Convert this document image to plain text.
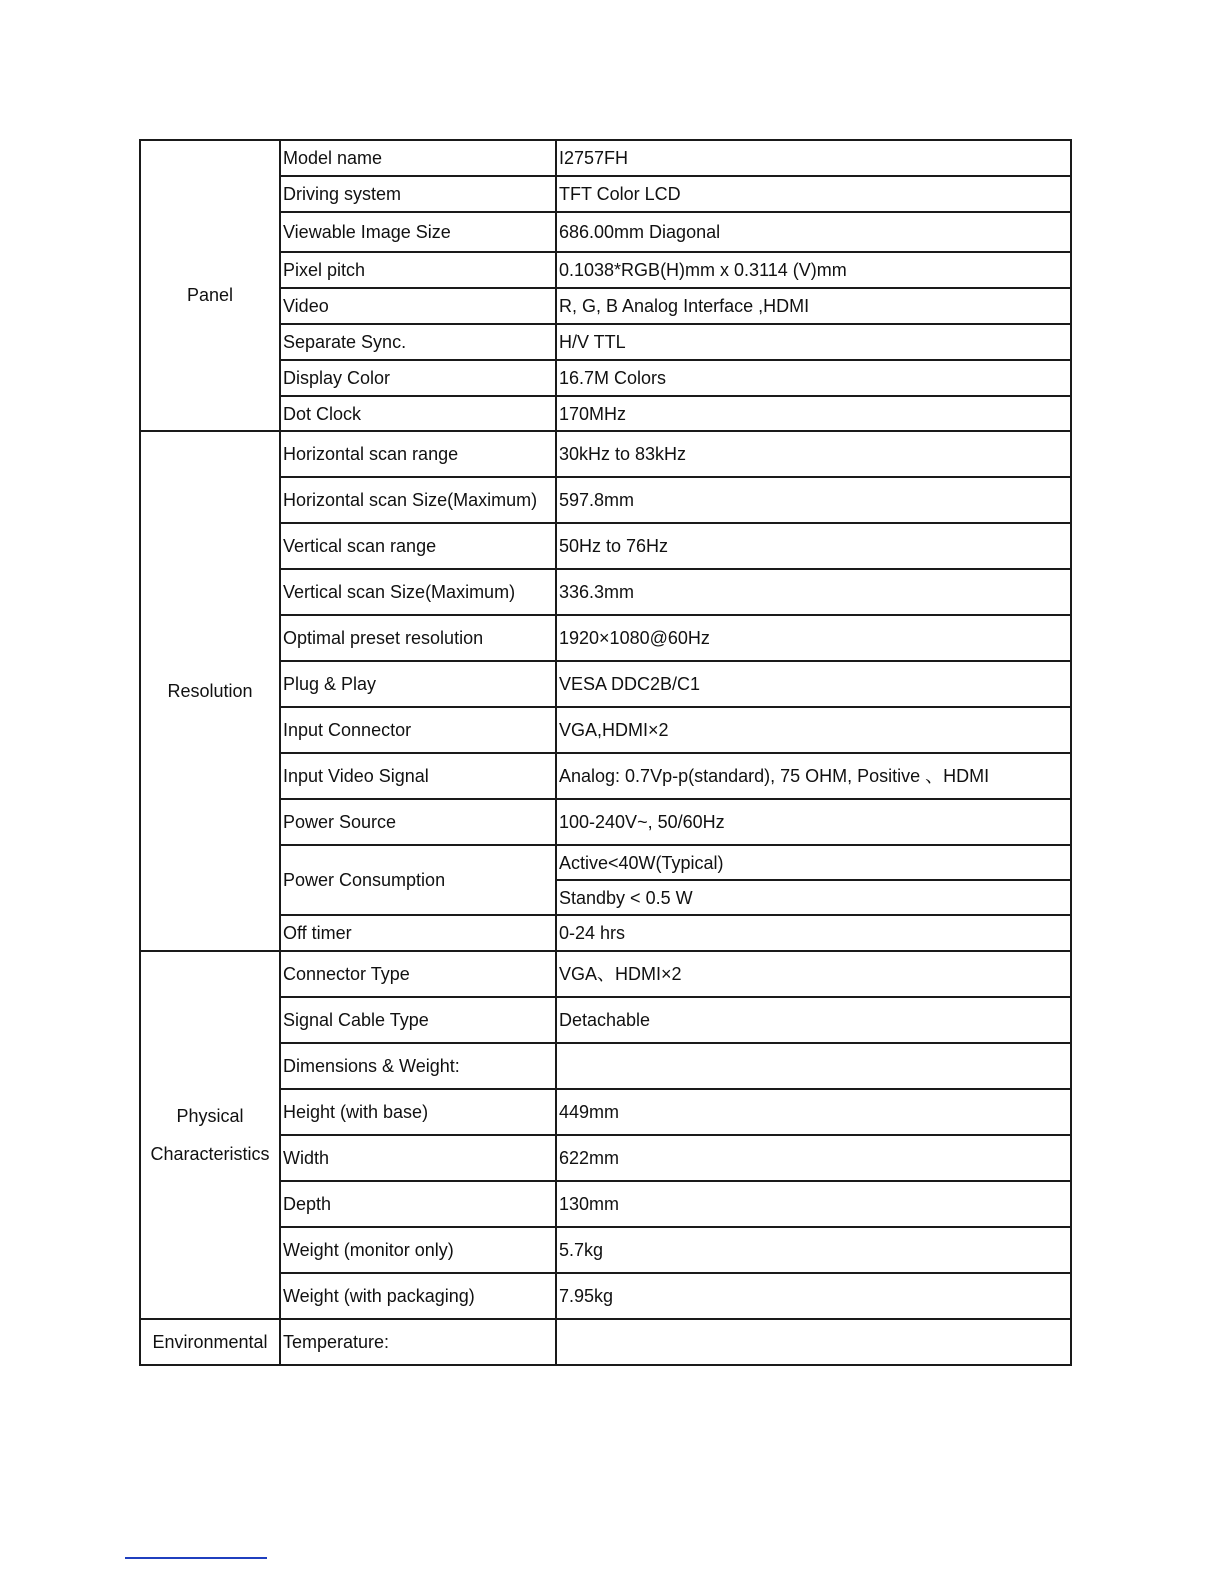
Panel	Model name	I2757FH
	Driving system	TFT Color LCD
	Viewable Image Size	686.00mm Diagonal
	Pixel pitch	0.1038*RGB(H)mm x 0.3114 (V)mm
	Video	R, G, B Analog Interface ,HDMI
	Separate Sync.	H/V TTL
	Display Color	16.7M Colors
	Dot Clock	170MHz

Resolution	Horizontal scan range	30kHz to 83kHz
	Horizontal scan Size(Maximum)	597.8mm
	Vertical scan range	50Hz to 76Hz
	Vertical scan Size(Maximum)	336.3mm
	Optimal preset resolution	1920×1080@60Hz
	Plug & Play	VESA DDC2B/C1
	Input Connector	VGA,HDMI×2
	Input Video Signal	Analog: 0.7Vp-p(standard), 75 OHM, Positive 、HDMI
	Power Source	100-240V~, 50/60Hz
	Power Consumption	Active<40W(Typical)
		Standby < 0.5 W
	Off timer	0-24 hrs

Physical
Characteristics	Connector Type	VGA、HDMI×2
	Signal Cable Type	Detachable
	Dimensions & Weight:	
	Height (with base)	449mm
	Width	622mm
	Depth	130mm
	Weight (monitor only)	5.7kg
	Weight (with packaging)	7.95kg

Environmental	Temperature:	
